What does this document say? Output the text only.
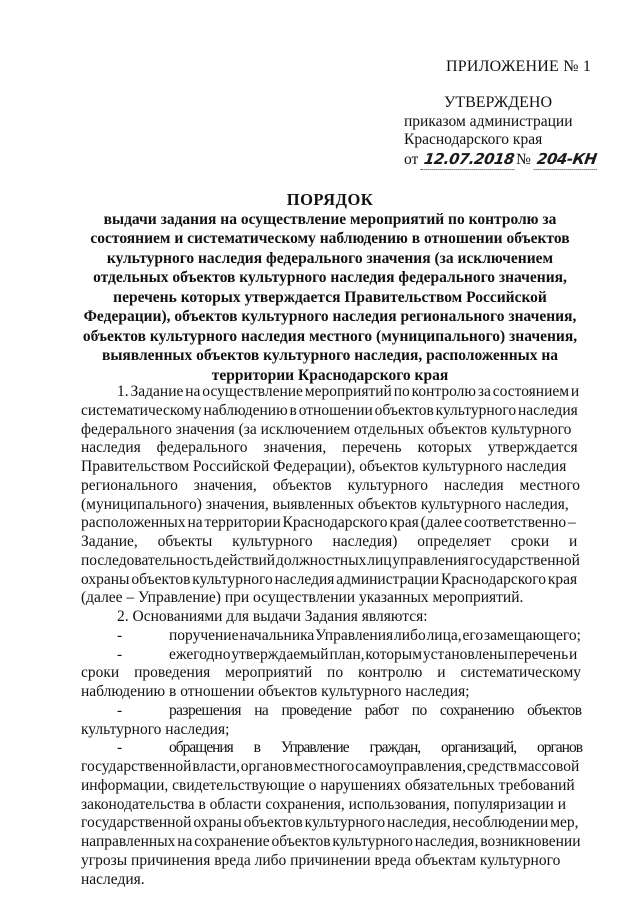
ПРИЛОЖЕНИЕ № 1
УТВЕРЖДЕНО
приказом администрации
Краснодарского края
от 12.07.2018№ 204-КН
ПОРЯДОК
выдачи задания на осуществление мероприятий по контролю за
состоянием и систематическому наблюдению в отношении объектов
культурного наследия федерального значения (за исключением
отдельных объектов культурного наследия федерального значения,
перечень которых утверждается Правительством Российской
Федерации), объектов культурного наследия регионального значения,
объектов культурного наследия местного (муниципального) значения,
выявленных объектов культурного наследия, расположенных на
территории Краснодарского края
1. Задание на осуществление мероприятий по контролю за состоянием и
систематическому наблюдению в отношении объектов культурного наследия
федерального значения (за исключением отдельных объектов культурного
наследия федерального значения, перечень которых утверждается
Правительством Российской Федерации), объектов культурного наследия
регионального значения, объектов культурного наследия местного
(муниципального) значения, выявленных объектов культурного наследия,
расположенных на территории Краснодарского края (далее соответственно –
Задание, объекты культурного наследия) определяет сроки и
последовательность действий должностных лиц управления государственной
охраны объектов культурного наследия администрации Краснодарского края
(далее – Управление) при осуществлении указанных мероприятий.
2. Основаниями для выдачи Задания являются:
-	поручение начальника Управления либо лица, его замещающего;
-	ежегодно утверждаемый план, которым установлены перечень и
сроки проведения мероприятий по контролю и систематическому
наблюдению в отношении объектов культурного наследия;
-	разрешения на проведение работ по сохранению объектов
культурного наследия;
-	обращения в Управление граждан, организаций, органов
государственной власти, органов местного самоуправления, средств массовой
информации, свидетельствующие о нарушениях обязательных требований
законодательства в области сохранения, использования, популяризации и
государственной охраны объектов культурного наследия, несоблюдении мер,
направленных на сохранение объектов культурного наследия, возникновении
угрозы причинения вреда либо причинении вреда объектам культурного
наследия.
